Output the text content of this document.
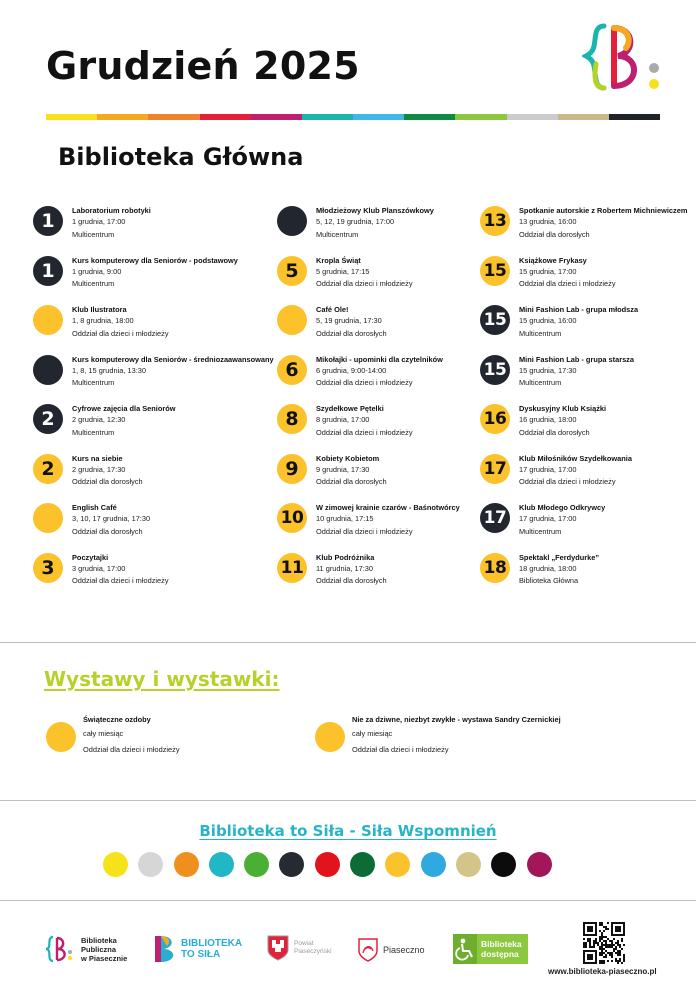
Grudzień 2025
Biblioteka Główna
1	Laboratorium robotyki
1 grudnia, 17:00
Multicentrum
1	Kurs komputerowy dla Seniorów - podstawowy
1 grudnia, 9:00
Multicentrum
Klub Ilustratora
1, 8 grudnia, 18:00
Oddział dla dzieci i młodzieży
Kurs komputerowy dla Seniorów - średniozaawansowany
1, 8, 15 grudnia, 13:30
Multicentrum
2	Cyfrowe zajęcia dla Seniorów
2 grudnia, 12:30
Multicentrum
2	Kurs na siebie
2 grudnia, 17:30
Oddział dla dorosłych
English Café
3, 10, 17 grudnia, 17:30
Oddział dla dorosłych
3	Poczytajki
3 grudnia, 17:00
Oddział dla dzieci i młodzieży
Młodzieżowy Klub Planszówkowy
5, 12, 19 grudnia, 17:00
Multicentrum
5	Kropla Świąt
5 grudnia, 17:15
Oddział dla dzieci i młodzieży
Café Ole!
5, 19 grudnia, 17:30
Oddział dla dorosłych
6	Mikołajki - upominki dla czytelników
6 grudnia, 9:00-14:00
Oddział dla dzieci i młodzieży
8	Szydełkowe Pętelki
8 grudnia, 17:00
Oddział dla dzieci i młodzieży
9	Kobiety Kobietom
9 grudnia, 17:30
Oddział dla dorosłych
10
W zimowej krainie czarów - Baśnotwórcy
10 grudnia, 17:15
Oddział dla dzieci i młodzieży
11
Klub Podróżnika
11 grudnia, 17:30
Oddział dla dorosłych
13
Spotkanie autorskie z Robertem Michniewiczem
13 grudnia, 16:00
Oddział dla dorosłych
15
Książkowe Frykasy
15 grudnia, 17:00
Oddział dla dzieci i młodzieży
15
Mini Fashion Lab - grupa młodsza
15 grudnia, 16:00
Multicentrum
15
Mini Fashion Lab - grupa starsza
15 grudnia, 17:30
Multicentrum
16
Dyskusyjny Klub Książki
16 grudnia, 18:00
Oddział dla dorosłych
17
Klub Miłośników Szydełkowania
17 grudnia, 17:00
Oddział dla dzieci i młodzieży
17
Klub Młodego Odkrywcy
17 grudnia, 17:00
Multicentrum
18
Spektakl „Ferdydurke”
18 grudnia, 18:00
Biblioteka Główna
Wystawy i wystawki:
Świąteczne ozdoby
cały miesiąc
Oddział dla dzieci i młodzieży
Nie za dziwne, niezbyt zwykłe - wystawa Sandry Czernickiej
cały miesiąc
Oddział dla dzieci i młodzieży
Biblioteka to Siła - Siła Wspomnień
Biblioteka
Publiczna
w Piasecznie
BIBLIOTEKA
TO SIŁA
Powiat
Piaseczyński	Piaseczno
Biblioteka
dostępna
www.biblioteka-piaseczno.pl
